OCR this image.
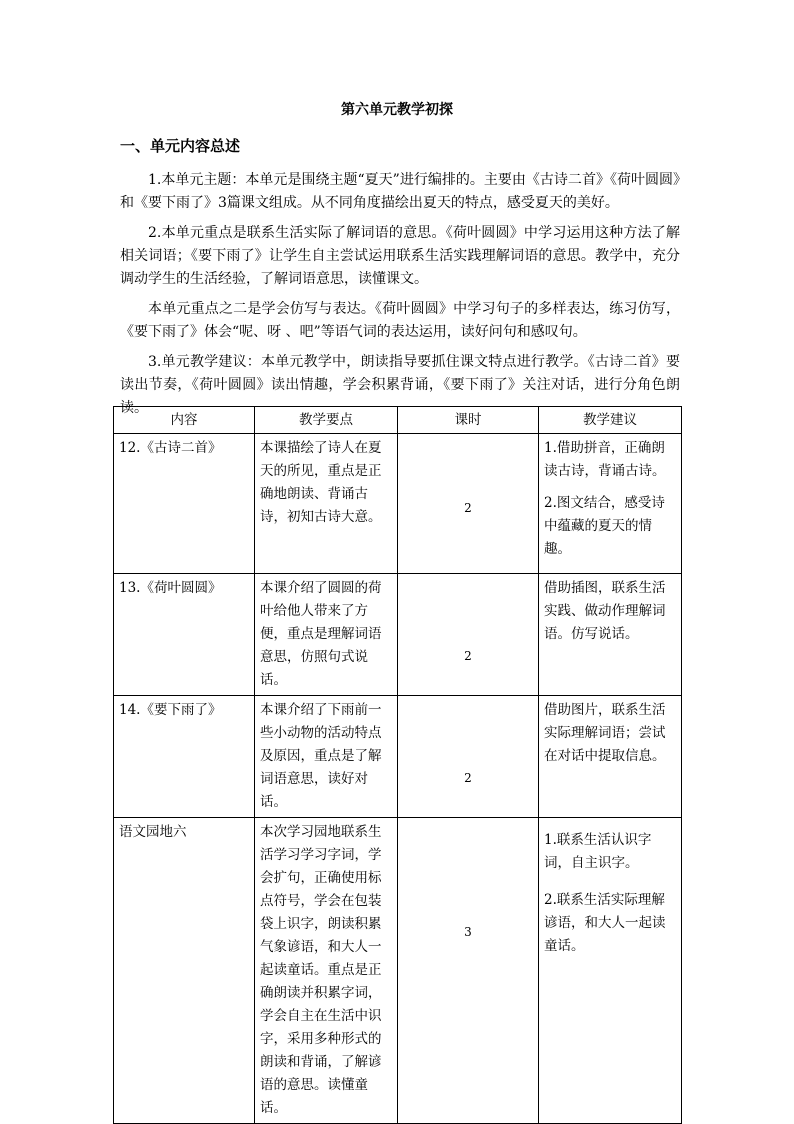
第六单元教学初探
一、单元内容总述
1.本单元主题：本单元是围绕主题“夏天”进行编排的。主要由《古诗二首》《荷叶圆圆》和《要下雨了》3篇课文组成。从不同角度描绘出夏天的特点，感受夏天的美好。
2.本单元重点是联系生活实际了解词语的意思。《荷叶圆圆》中学习运用这种方法了解相关词语；《要下雨了》让学生自主尝试运用联系生活实践理解词语的意思。教学中，充分调动学生的生活经验，了解词语意思，读懂课文。
本单元重点之二是学会仿写与表达。《荷叶圆圆》中学习句子的多样表达，练习仿写，《要下雨了》体会“呢、呀 、吧”等语气词的表达运用，读好问句和感叹句。
3.单元教学建议：本单元教学中，朗读指导要抓住课文特点进行教学。《古诗二首》要读出节奏，《荷叶圆圆》读出情趣，学会积累背诵，《要下雨了》关注对话，进行分角色朗读。
内容	教学要点	课时	教学建议
12.《古诗二首》	本课描绘了诗人在夏天的所见，重点是正确地朗读、背诵古诗，初知古诗大意。	2	1.借助拼音，正确朗读古诗，背诵古诗。

2.图文结合，感受诗中蕴藏的夏天的情趣。

13.《荷叶圆圆》	本课介绍了圆圆的荷叶给他人带来了方便，重点是理解词语意思，仿照句式说话。	2	借助插图，联系生活实践、做动作理解词语。仿写说话。

14.《要下雨了》	本课介绍了下雨前一些小动物的活动特点及原因，重点是了解词语意思，读好对话。	2	借助图片，联系生活实际理解词语；尝试在对话中提取信息。

语文园地六	本次学习园地联系生活学习学习字词，学会扩句，正确使用标点符号，学会在包装袋上识字，朗读积累气象谚语，和大人一起读童话。重点是正确朗读并积累字词，学会自主在生活中识字，采用多种形式的朗读和背诵，了解谚语的意思。读懂童话。	3	1.联系生活认识字词，自主识字。

2.联系生活实际理解谚语，和大人一起读童话。
